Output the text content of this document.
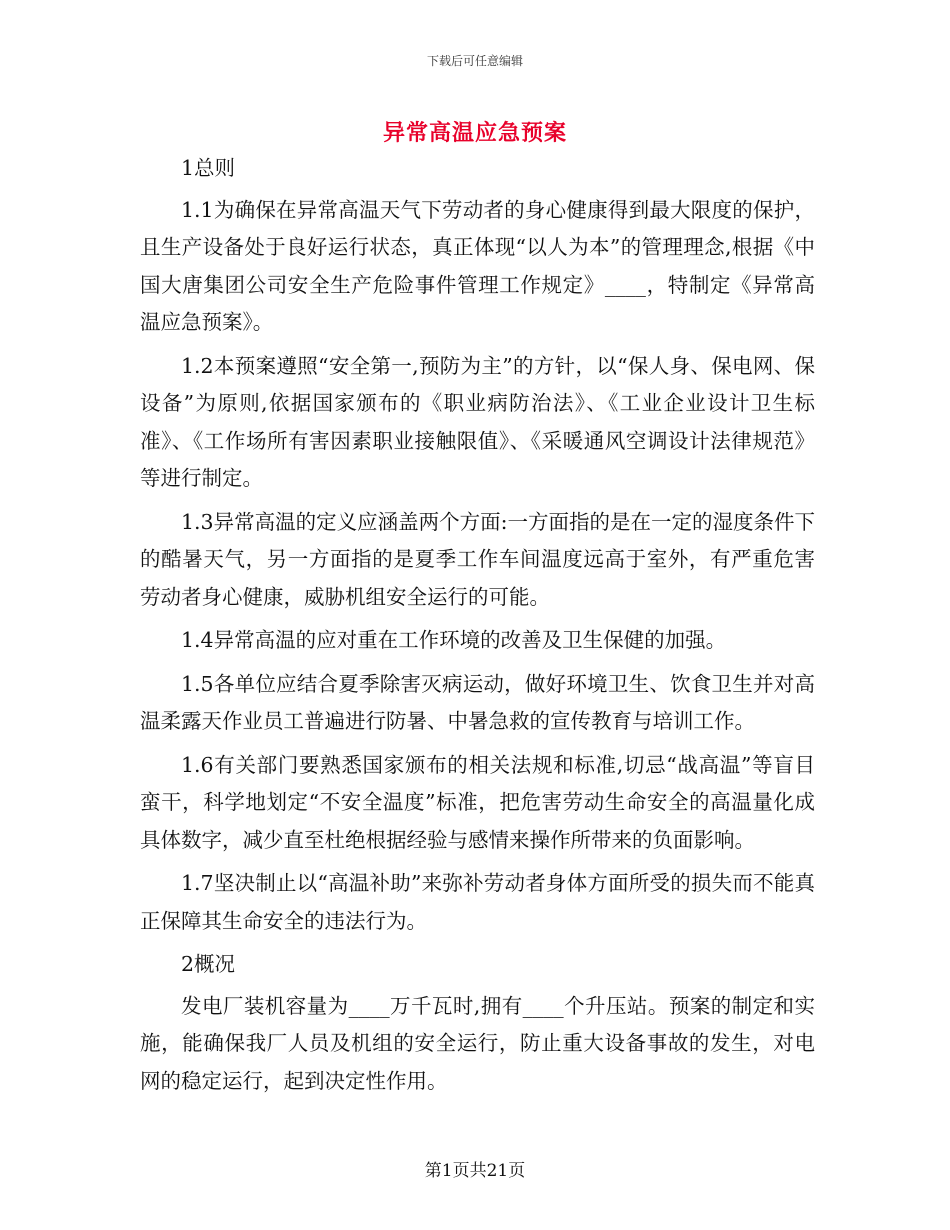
下载后可任意编辑
异常高温应急预案

1总则

1.1为确保在异常高温天气下劳动者的身心健康得到最大限度的保护，且生产设备处于良好运行状态，真正体现“以人为本”的管理理念,根据《中国大唐集团公司安全生产危险事件管理工作规定》____，特制定《异常高温应急预案》。

1.2本预案遵照“安全第一,预防为主”的方针，以“保人身、保电网、保设备”为原则,依据国家颁布的《职业病防治法》、《工业企业设计卫生标准》、《工作场所有害因素职业接触限值》、《采暖通风空调设计法律规范》等进行制定。

1.3异常高温的定义应涵盖两个方面:一方面指的是在一定的湿度条件下的酷暑天气，另一方面指的是夏季工作车间温度远高于室外，有严重危害劳动者身心健康，威胁机组安全运行的可能。

1.4异常高温的应对重在工作环境的改善及卫生保健的加强。

1.5各单位应结合夏季除害灭病运动，做好环境卫生、饮食卫生并对高温柔露天作业员工普遍进行防暑、中暑急救的宣传教育与培训工作。

1.6有关部门要熟悉国家颁布的相关法规和标准,切忌“战高温”等盲目蛮干，科学地划定“不安全温度”标准，把危害劳动生命安全的高温量化成具体数字，减少直至杜绝根据经验与感情来操作所带来的负面影响。

1.7坚决制止以“高温补助”来弥补劳动者身体方面所受的损失而不能真正保障其生命安全的违法行为。

2概况

发电厂装机容量为____万千瓦时,拥有____个升压站。预案的制定和实施，能确保我厂人员及机组的安全运行，防止重大设备事故的发生，对电网的稳定运行，起到决定性作用。

第1页共21页
